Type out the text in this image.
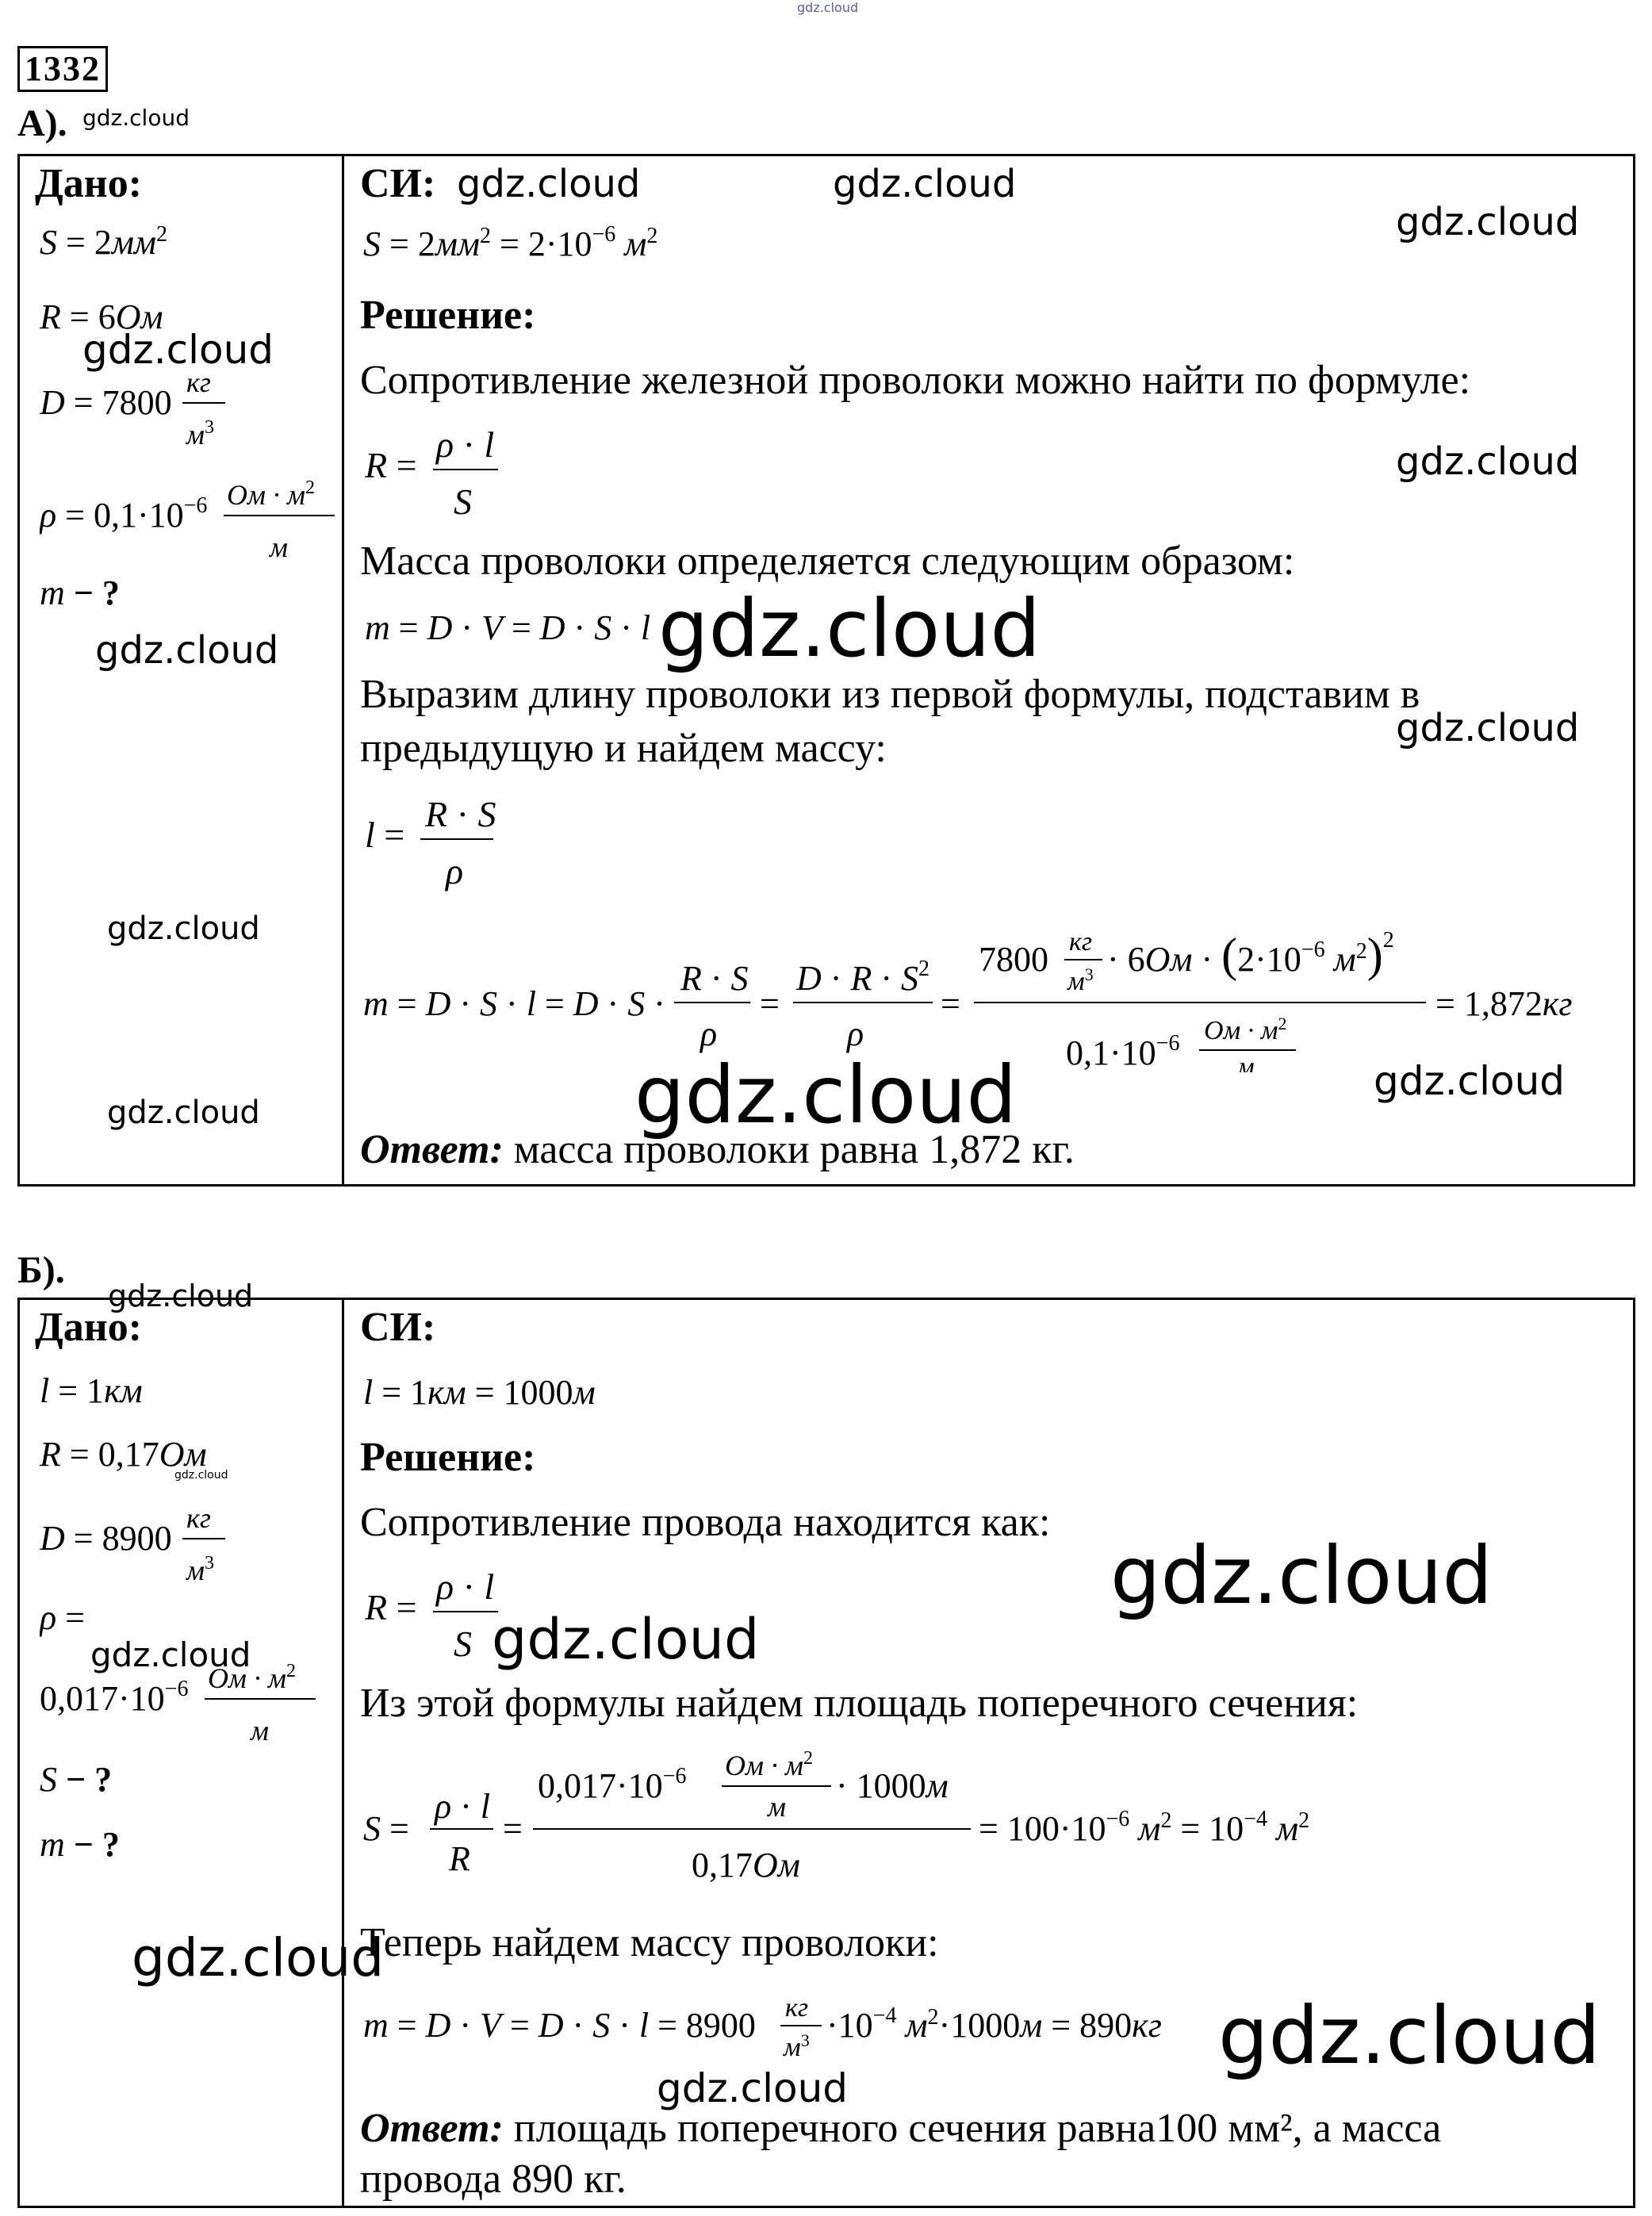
gdz.cloud
1332
А). gdz.cloud
Дано:
$S = 2мм^2$
R = 6Ом
D = 7800
кг
$м^3$
$\rho = 0,1\cdot 10^{-6}$ Ом · $м^2$
м
m − ?
gdz.cloud
gdz.cloud
gdz.cloud
gdz.cloud
СИ: gdz.cloud	gdz.cloud
gdz.cloud
$S = 2мм^2 = 2\cdot 10^{-6}$ $м^2$
Решение:
Сопротивление железной проволоки можно найти по формуле:
R =
ρ · l
S
gdz.cloud
Масса проволоки определяется следующим образом:
m = D · V = D · S · l gdz.cloud
Выразим длину проволоки из первой формулы, подставим в
предыдущую и найдем массу:	gdz.cloud
l =
R · S
ρ
m = D · S · l = D · S ·
R · S
ρ
=
$D \cdot R \cdot S^2$
ρ
=
7800 кг
$м^3 \cdot 6Ом \cdot (2\cdot 10^{-6}$ $м^2)^2$
$0,1\cdot 10^{-6}$ Ом · $м^2$
м
= 1,872кг
gdz.cloud	gdz.cloud
Ответ: масса проволоки равна 1,872 кг.
Б).
gdz.cloud
Дано:
l = 1км
R = 0,17Ом
D = 8900
кг
$м^3$
ρ =
$0,017\cdot 10^{-6}$ Ом · $м^2$
м
S − ?
m − ?
gdz.cloud
gdz.cloud
gdz.cloud
СИ:
l = 1км = 1000м
Решение:
Сопротивление провода находится как:
gdz.cloud
R =
ρ · l
S gdz.cloud
Из этой формулы найдем площадь поперечного сечения:
S =
ρ · l
R
=
$0,017\cdot 10^{-6}$ Ом · $м^2$
м
· 1000м
0,17Ом
= $100\cdot 10^{-6}$ $м^2 = 10^{-4}$ $м^2$
Теперь найдем массу проволоки:
m = D · V = D · S · l = 8900 кг
$м^3 \cdot 10^{-4}$ $м^2\cdot 1000м = 890кг$ gdz.cloud
gdz.cloud
Ответ: площадь поперечного сечения равна100 мм², а масса
провода 890 кг.
